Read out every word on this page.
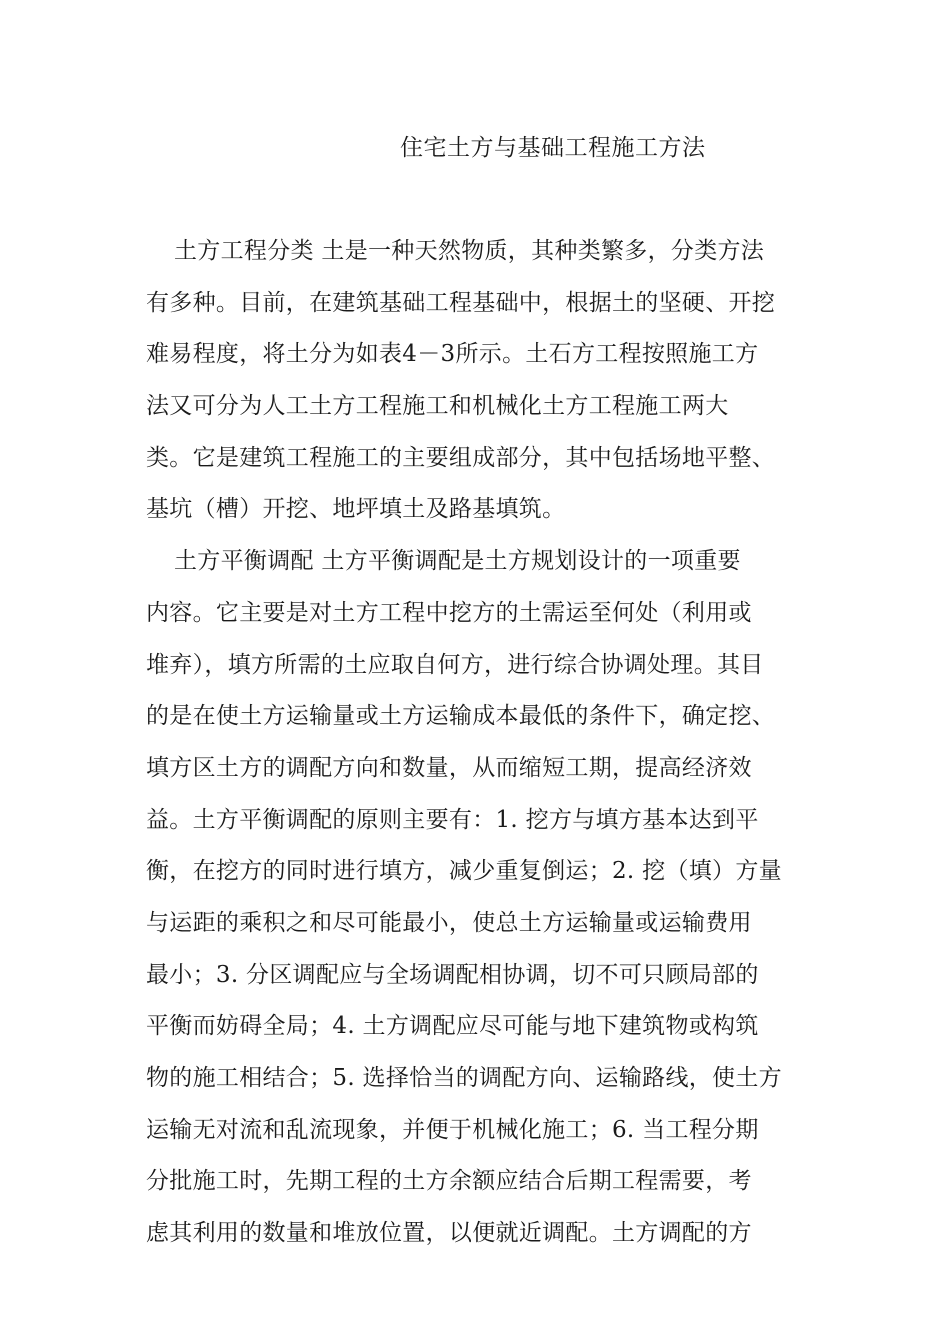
住宅土方与基础工程施工方法
土方工程分类 土是一种天然物质，其种类繁多，分类方法
有多种。目前，在建筑基础工程基础中，根据土的坚硬、开挖
难易程度，将土分为如表4－3所示。土石方工程按照施工方
法又可分为人工土方工程施工和机械化土方工程施工两大
类。它是建筑工程施工的主要组成部分，其中包括场地平整、
基坑（槽）开挖、地坪填土及路基填筑。
土方平衡调配 土方平衡调配是土方规划设计的一项重要
内容。它主要是对土方工程中挖方的土需运至何处（利用或
堆弃），填方所需的土应取自何方，进行综合协调处理。其目
的是在使土方运输量或土方运输成本最低的条件下，确定挖、
填方区土方的调配方向和数量，从而缩短工期，提高经济效
益。土方平衡调配的原则主要有：1. 挖方与填方基本达到平
衡，在挖方的同时进行填方，减少重复倒运；2. 挖（填）方量
与运距的乘积之和尽可能最小，使总土方运输量或运输费用
最小；3. 分区调配应与全场调配相协调，切不可只顾局部的
平衡而妨碍全局；4. 土方调配应尽可能与地下建筑物或构筑
物的施工相结合；5. 选择恰当的调配方向、运输路线，使土方
运输无对流和乱流现象，并便于机械化施工；6. 当工程分期
分批施工时，先期工程的土方余额应结合后期工程需要，考
虑其利用的数量和堆放位置，以便就近调配。土方调配的方
